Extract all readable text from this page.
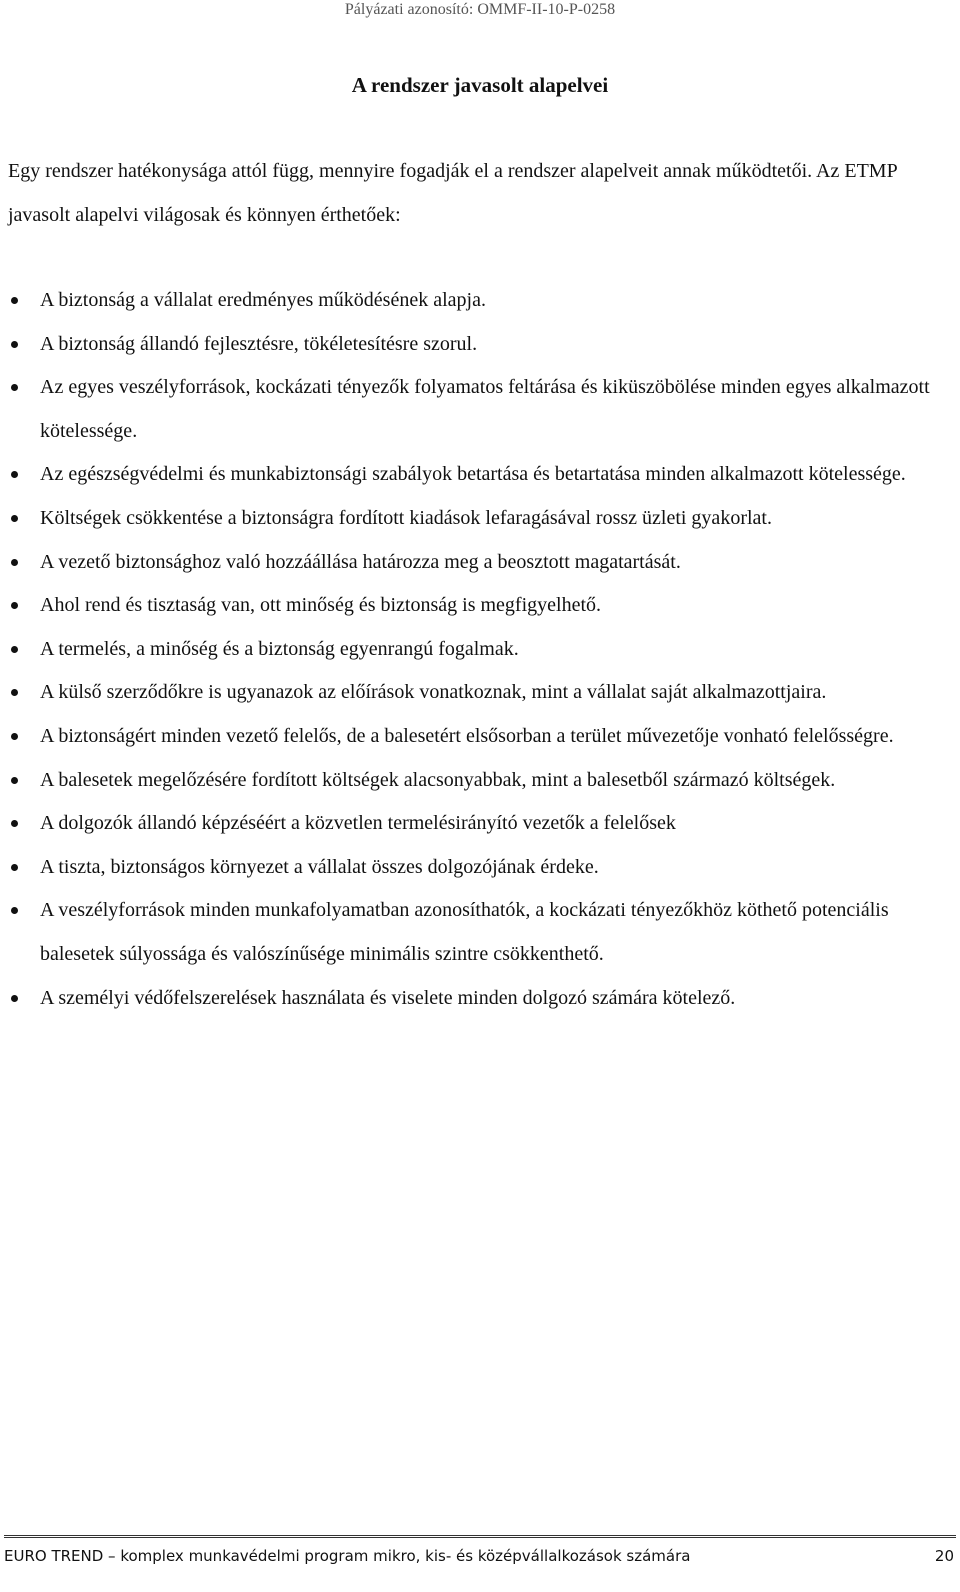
Pályázati azonosító: OMMF-II-10-P-0258
A rendszer javasolt alapelvei

Egy rendszer hatékonysága attól függ, mennyire fogadják el a rendszer alapelveit annak működtetői. Az ETMP javasolt alapelvi világosak és könnyen érthetőek:

A biztonság a vállalat eredményes működésének alapja.
A biztonság állandó fejlesztésre, tökéletesítésre szorul.
Az egyes veszélyforrások, kockázati tényezők folyamatos feltárása és kiküszöbölése minden egyes alkalmazott kötelessége.
Az egészségvédelmi és munkabiztonsági szabályok betartása és betartatása minden alkalmazott kötelessége.
Költségek csökkentése a biztonságra fordított kiadások lefaragásával rossz üzleti gyakorlat.
A vezető biztonsághoz való hozzáállása határozza meg a beosztott magatartását.
Ahol rend és tisztaság van, ott minőség és biztonság is megfigyelhető.
A termelés, a minőség és a biztonság egyenrangú fogalmak.
A külső szerződőkre is ugyanazok az előírások vonatkoznak, mint a vállalat saját alkalmazottjaira.
A biztonságért minden vezető felelős, de a balesetért elsősorban a terület művezetője vonható felelősségre.
A balesetek megelőzésére fordított költségek alacsonyabbak, mint a balesetből származó költségek.
A dolgozók állandó képzéséért a közvetlen termelésirányító vezetők a felelősek
A tiszta, biztonságos környezet a vállalat összes dolgozójának érdeke.
A veszélyforrások minden munkafolyamatban azonosíthatók, a kockázati tényezőkhöz köthető potenciális balesetek súlyossága és valószínűsége minimális szintre csökkenthető.
A személyi védőfelszerelések használata és viselete minden dolgozó számára kötelező.
EURO TREND – komplex munkavédelmi program mikro, kis- és középvállalkozások számára	20
